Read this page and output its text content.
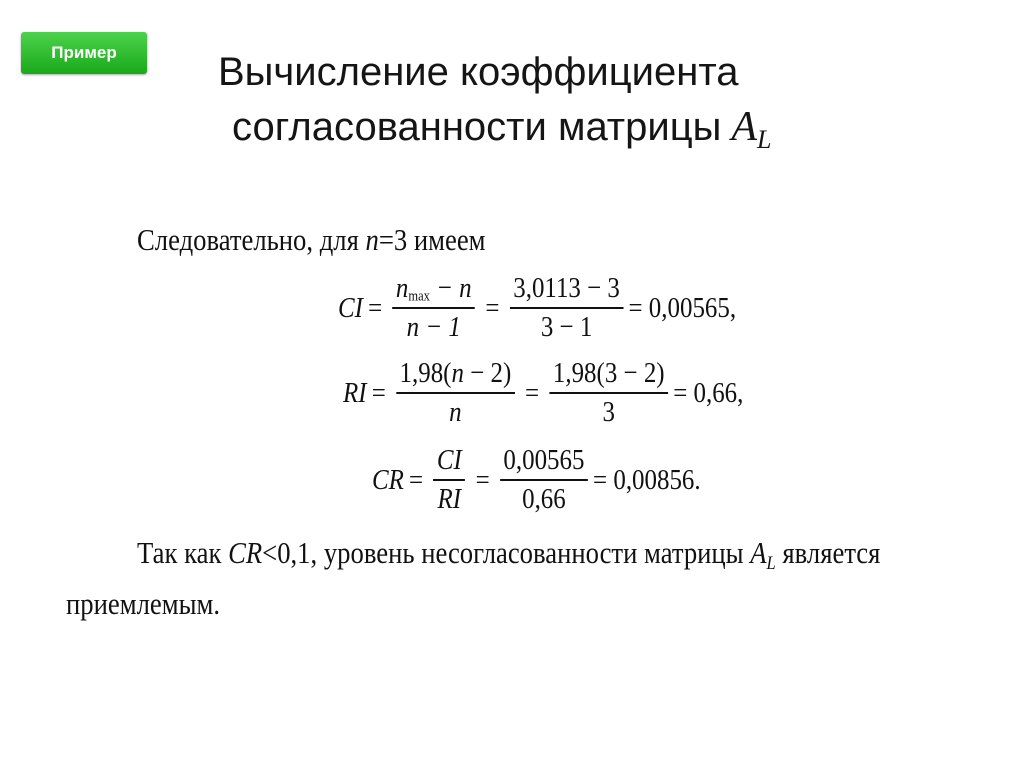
Пример	Вычисление коэффициента
согласованности матрицы $A_L$
Следовательно, для n=3 имеем
CI = $\frac{nmax - n}{n - 1} = \frac{3,0113 - 3}{3 - 1} = 0,00565$,
RI = $\frac{1,98(n - 2)}{n} = \frac{1,98(3 - 2)}{3} = 0,66$,
CR = $\frac{CI}{RI} = \frac{0,00565}{0,66} = 0,00856$.
Так как CR<0,1, уровень несогласованности матрицы $A_L$ является
приемлемым.
